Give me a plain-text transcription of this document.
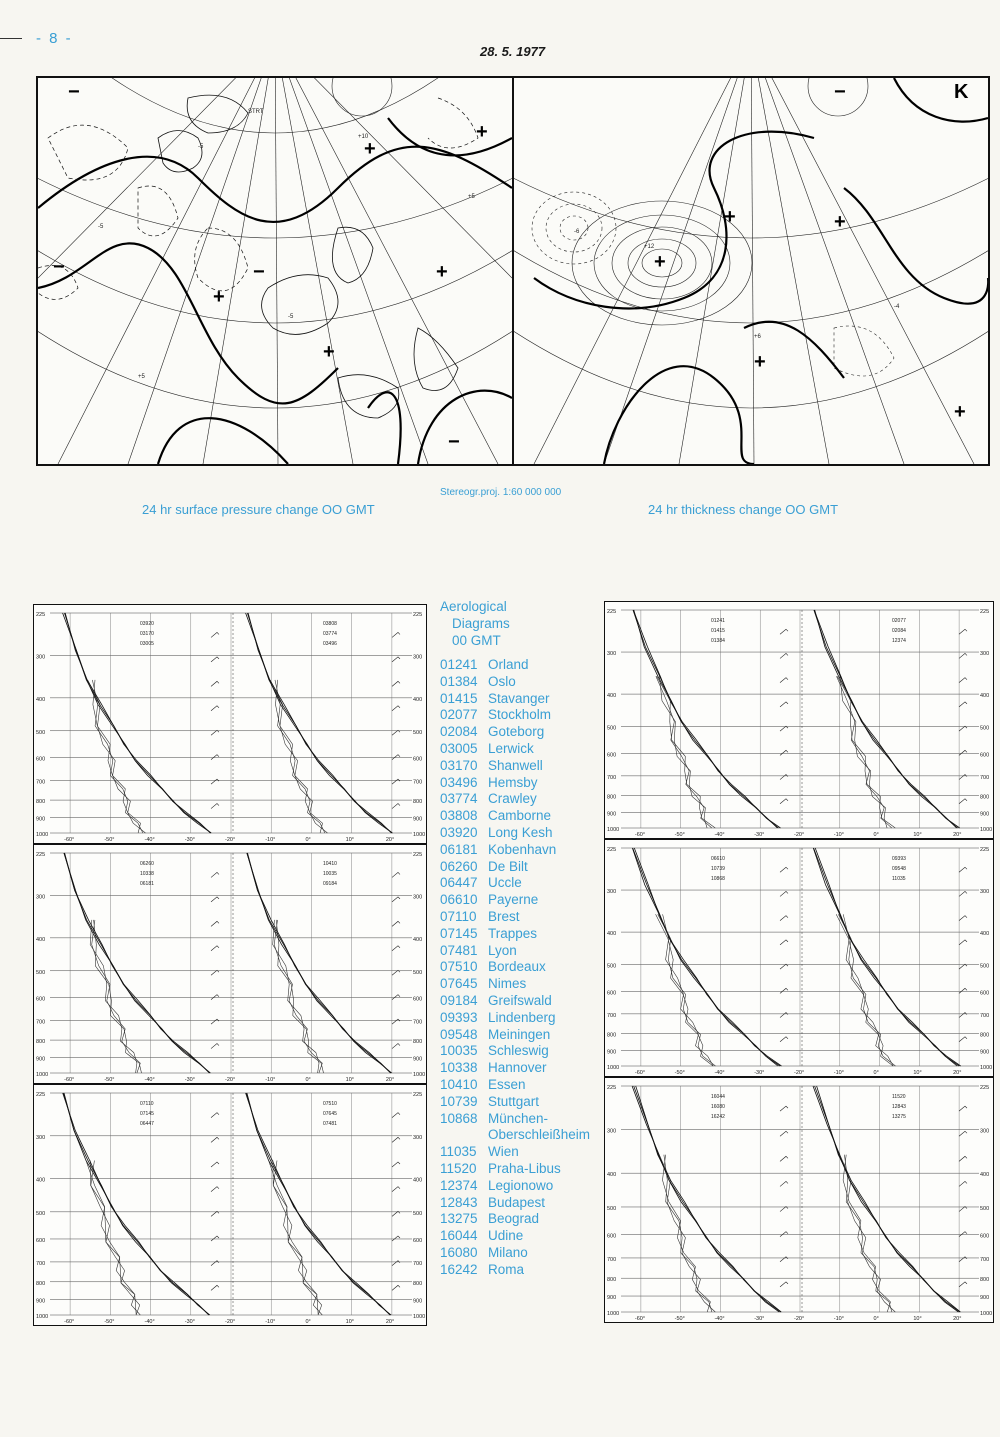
- 8 -
28. 5. 1977
−
+
+
+
−
−
+
+
−
STRT
+5
-5
+10
-5
-5
+5
+
+
+
+
−
+
K
+12
-6
+6
-4
Stereogr.proj. 1:60 000 000
24 hr surface pressure change OO GMT	24 hr thickness change OO GMT
225	225
300	300
400	400
500	500
600	600
700	700
800	800
900	900
1000	1000
-60°	-50°	-40°	-30°	-20°	-10°	0°	10°	20°
03920
03170
03005
03808
03774
03496
225	225
300	300
400	400
500	500
600	600
700	700
800	800
900	900
1000	1000
-60°	-50°	-40°	-30°	-20°	-10°	0°	10°	20°
06260
10338
06181
10410
10035
09184
225	225
300	300
400	400
500	500
600	600
700	700
800	800
900	900
1000	1000
-60°	-50°	-40°	-30°	-20°	-10°	0°	10°	20°
07110
07145
06447
07510
07645
07481
225	225
300	300
400	400
500	500
600	600
700	700
800	800
900	900
1000	1000
-60°	-50°	-40°	-30°	-20°	-10°	0°	10°	20°
01241
01415
01384
02077
02084
12374
225	225
300	300
400	400
500	500
600	600
700	700
800	800
900	900
1000	1000
-60°	-50°	-40°	-30°	-20°	-10°	0°	10°	20°
06610
10739
10868
09393
09548
11035
225	225
300	300
400	400
500	500
600	600
700	700
800	800
900	900
1000	1000
-60°	-50°	-40°	-30°	-20°	-10°	0°	10°	20°
16044
16080
16242
11520
12843
13275
Aerological
Diagrams
00 GMT
01241 Orland
01384 Oslo
01415 Stavanger
02077 Stockholm
02084 Goteborg
03005 Lerwick
03170 Shanwell
03496 Hemsby
03774 Crawley
03808 Camborne
03920 Long Kesh
06181 Kobenhavn
06260 De Bilt
06447 Uccle
06610 Payerne
07110 Brest
07145 Trappes
07481 Lyon
07510 Bordeaux
07645 Nimes
09184 Greifswald
09393 Lindenberg
09548 Meiningen
10035 Schleswig
10338 Hannover
10410 Essen
10739 Stuttgart
10868 München-
Oberschleißheim
11035 Wien
11520 Praha-Libus
12374 Legionowo
12843 Budapest
13275 Beograd
16044 Udine
16080 Milano
16242 Roma
